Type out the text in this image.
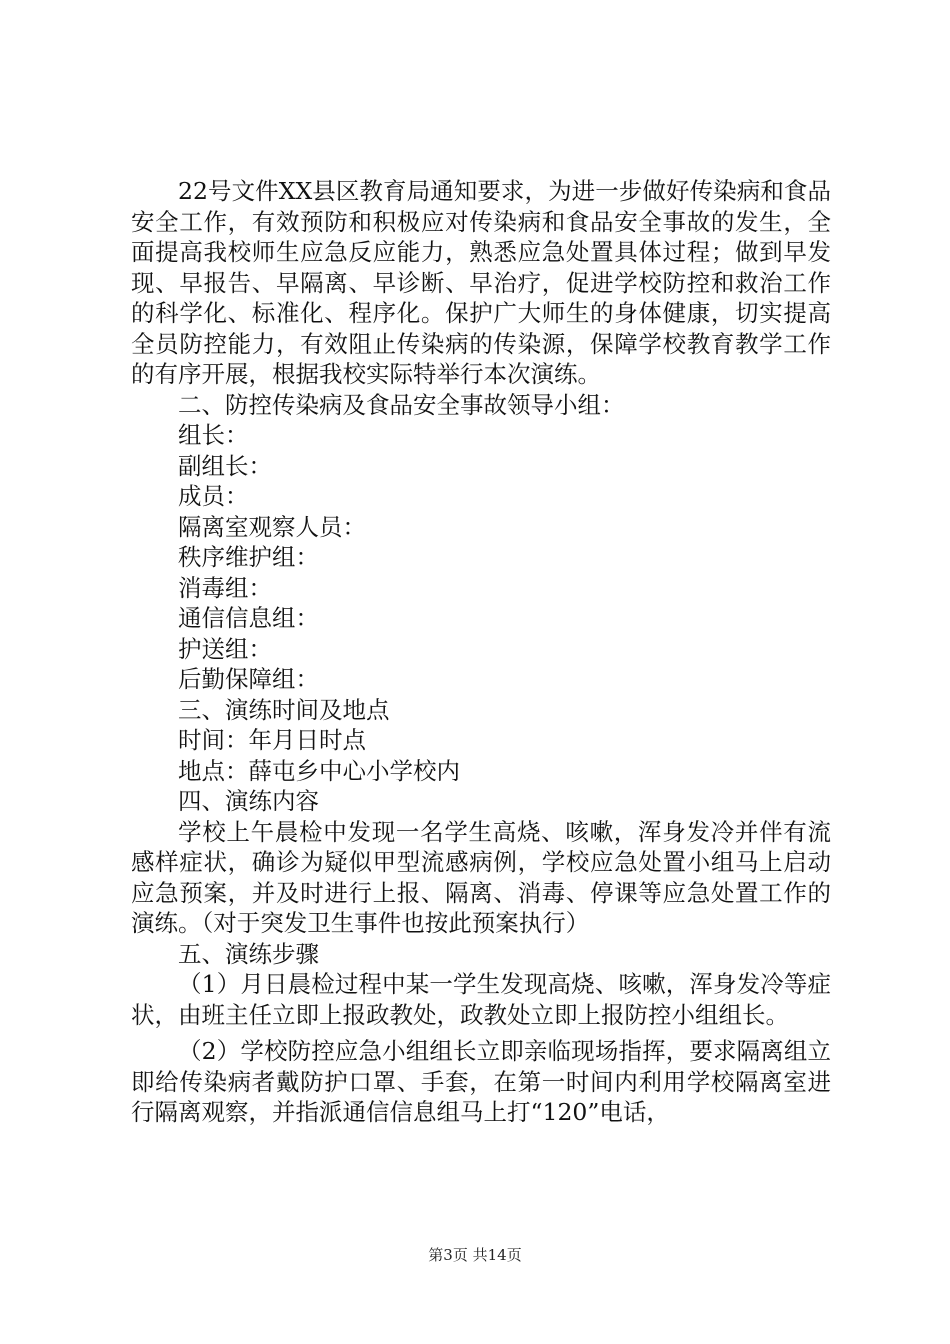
22号文件XX县区教育局通知要求，为进一步做好传染病和食品安全工作，有效预防和积极应对传染病和食品安全事故的发生，全面提高我校师生应急反应能力，熟悉应急处置具体过程；做到早发现、早报告、早隔离、早诊断、早治疗，促进学校防控和救治工作的科学化、标准化、程序化。保护广大师生的身体健康，切实提高全员防控能力，有效阻止传染病的传染源，保障学校教育教学工作的有序开展，根据我校实际特举行本次演练。

二、防控传染病及食品安全事故领导小组：
组长：
副组长：
成员：
隔离室观察人员：
秩序维护组：
消毒组：
通信信息组：
护送组：
后勤保障组：
三、演练时间及地点
时间：年月日时点
地点：薛屯乡中心小学校内
四、演练内容

学校上午晨检中发现一名学生高烧、咳嗽，浑身发冷并伴有流感样症状，确诊为疑似甲型流感病例，学校应急处置小组马上启动应急预案，并及时进行上报、隔离、消毒、停课等应急处置工作的演练。（对于突发卫生事件也按此预案执行）

五、演练步骤

（1）月日晨检过程中某一学生发现高烧、咳嗽，浑身发冷等症状，由班主任立即上报政教处，政教处立即上报防控小组组长。

（2）学校防控应急小组组长立即亲临现场指挥，要求隔离组立即给传染病者戴防护口罩、手套，在第一时间内利用学校隔离室进行隔离观察，并指派通信信息组马上打“120”电话，

第3页 共14页
